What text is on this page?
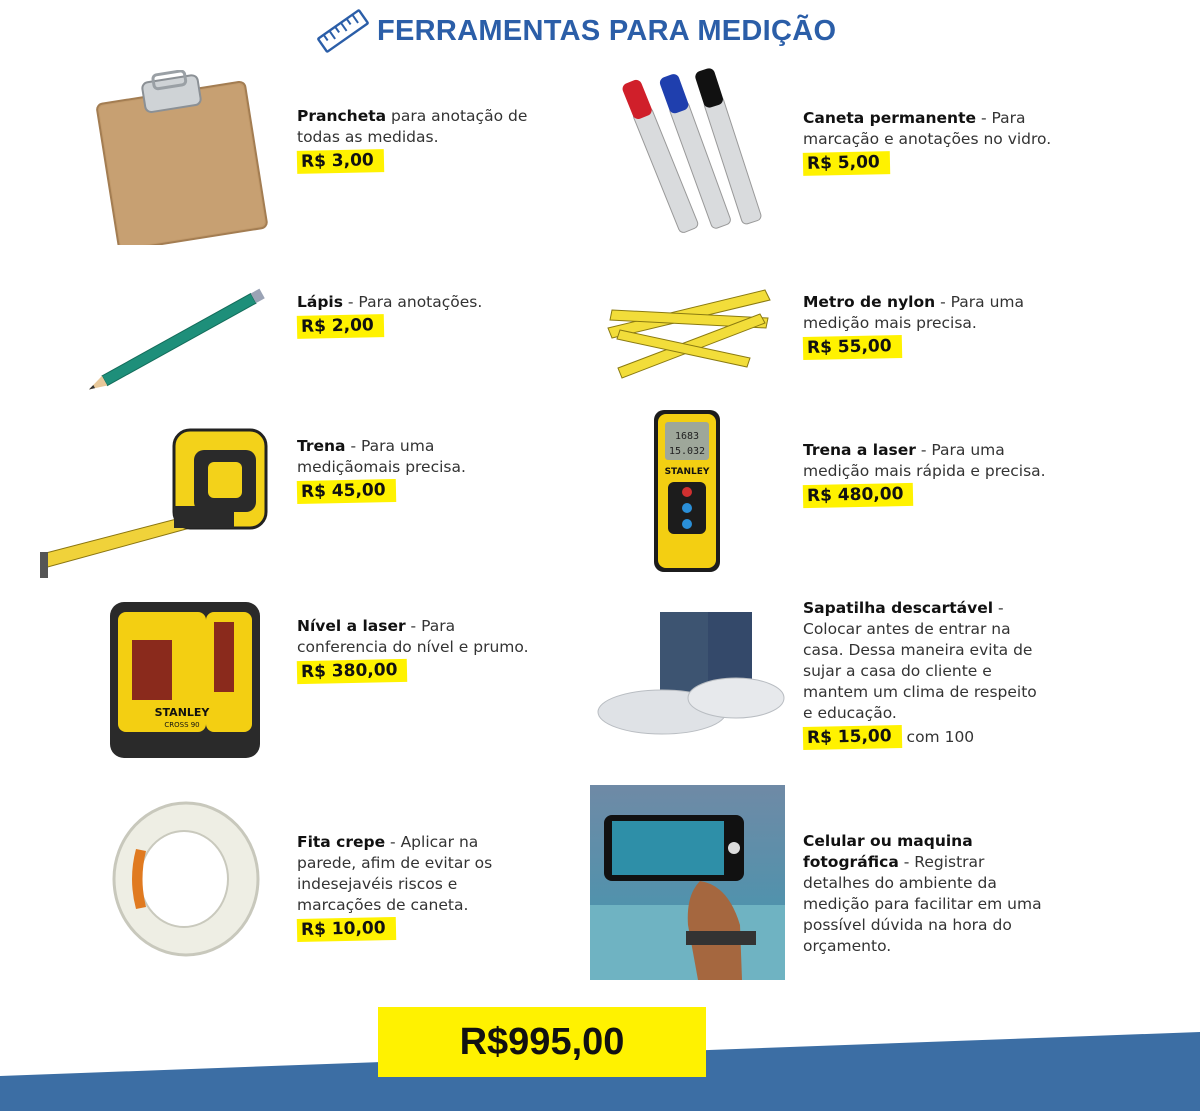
FERRAMENTAS PARA MEDIÇÃO
Prancheta para anotação de todas as medidas.
R$ 3,00
Caneta permanente - Para marcação e anotações no vidro.
R$ 5,00
Lápis - Para anotações.
R$ 2,00
Metro de nylon - Para uma medição mais precisa.
R$ 55,00
Trena - Para uma mediçãomais precisa.
R$ 45,00
1683
15.032
STANLEY
Trena a laser - Para uma medição mais rápida e precisa.
R$ 480,00
STANLEY
CROSS 90
Nível a laser - Para conferencia do nível e prumo.
R$ 380,00
Sapatilha descartável - Colocar antes de entrar na casa. Dessa maneira evita de sujar a casa do cliente e mantem um clima de respeito e educação.
R$ 15,00 com 100
Fita crepe - Aplicar na parede, afim de evitar os indesejavéis riscos e marcações de caneta.
R$ 10,00
Celular ou maquina fotográfica - Registrar detalhes do ambiente da medição para facilitar em uma possível dúvida na hora do orçamento.
R$995,00
